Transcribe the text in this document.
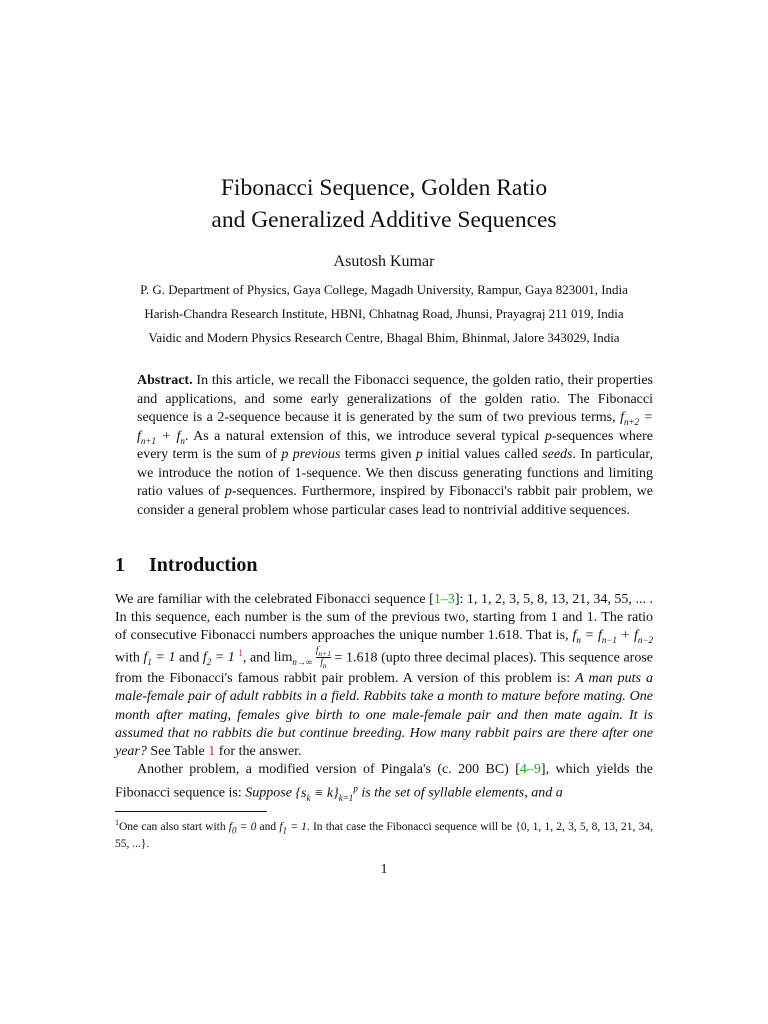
Fibonacci Sequence, Golden Ratio
and Generalized Additive Sequences
Asutosh Kumar
P. G. Department of Physics, Gaya College, Magadh University, Rampur, Gaya 823001, India
Harish-Chandra Research Institute, HBNI, Chhatnag Road, Jhunsi, Prayagraj 211 019, India
Vaidic and Modern Physics Research Centre, Bhagal Bhim, Bhinmal, Jalore 343029, India
Abstract. In this article, we recall the Fibonacci sequence, the golden ratio, their properties and applications, and some early generalizations of the golden ratio. The Fibonacci sequence is a 2-sequence because it is generated by the sum of two previous terms, $f_{n+2} = f_{n+1} + f_n$. As a natural extension of this, we introduce several typical p-sequences where every term is the sum of p previous terms given p initial values called seeds. In particular, we introduce the notion of 1-sequence. We then discuss generating functions and limiting ratio values of p-sequences. Furthermore, inspired by Fibonacci's rabbit pair problem, we consider a general problem whose particular cases lead to nontrivial additive sequences.
1 Introduction

We are familiar with the celebrated Fibonacci sequence [1–3]: 1, 1, 2, 3, 5, 8, 13, 21, 34, 55, ... . In this sequence, each number is the sum of the previous two, starting from 1 and 1. The ratio of consecutive Fibonacci numbers approaches the unique number 1.618. That is, $f_n = f_{n-1} + f_{n-2}$ with $f_1 = 1$ and $f_2 = 1$ $^1$, and $\lim_{n\to\infty} \frac{f_{n+1}}{f_n} = 1.618$ (upto three decimal places). This sequence arose from the Fibonacci's famous rabbit pair problem. A version of this problem is: A man puts a male-female pair of adult rabbits in a field. Rabbits take a month to mature before mating. One month after mating, females give birth to one male-female pair and then mate again. It is assumed that no rabbits die but continue breeding. How many rabbit pairs are there after one year? See Table 1 for the answer.

Another problem, a modified version of Pingala's (c. 200 BC) [4–9], which yields the Fibonacci sequence is: Suppose $\{s_k \equiv k\}_{k=1}^p$ is the set of syllable elements, and a

$^1$One can also start with $f_0 = 0$ and $f_1 = 1$. In that case the Fibonacci sequence will be {0, 1, 1, 2, 3, 5, 8, 13, 21, 34, 55, ...}.
1
